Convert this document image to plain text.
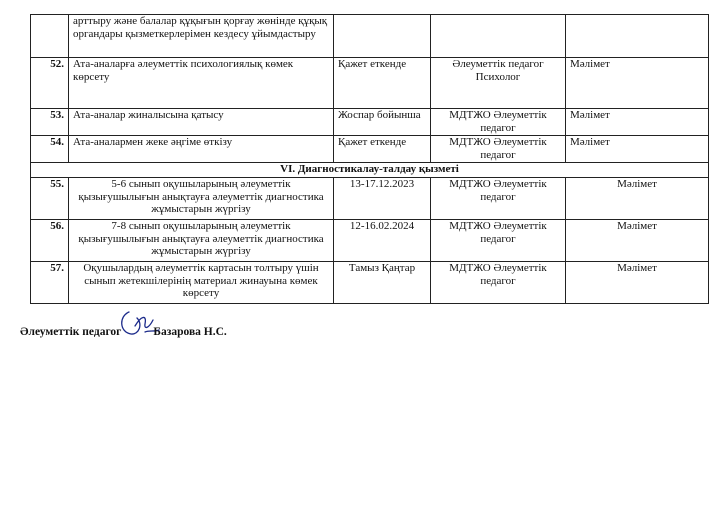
	арттыру және балалар құқығын қорғау жөнінде құқық органдары қызметкерлерімен кездесу ұйымдастыру			
52.	Ата-аналарға әлеуметтік психологиялық көмек көрсету	Қажет еткенде	Әлеуметтік педагог Психолог	Мәлімет
53.	Ата-аналар жиналысына қатысу	Жоспар бойынша	МДТЖО Әлеуметтік педагог	Мәлімет
54.	Ата-аналармен жеке әңгіме өткізу	Қажет еткенде	МДТЖО Әлеуметтік педагог	Мәлімет
VI. Диагностикалау-талдау қызметі				
55.	5-6 сынып оқушыларының әлеуметтік қызығушылығын анықтауға әлеуметтік диагностика жұмыстарын жүргізу	13-17.12.2023	МДТЖО Әлеуметтік педагог	Мәлімет
56.	7-8 сынып оқушыларының әлеуметтік қызығушылығын анықтауға әлеуметтік диагностика жұмыстарын жүргізу	12-16.02.2024	МДТЖО Әлеуметтік педагог	Мәлімет
57.	Оқушылардың әлеуметтік картасын толтыру үшін сынып жетекшілерінің материал жинауына көмек көрсету	Тамыз Қаңтар	МДТЖО Әлеуметтік педагог	Мәлімет
Әлеуметтік педагог	Базарова Н.С.
